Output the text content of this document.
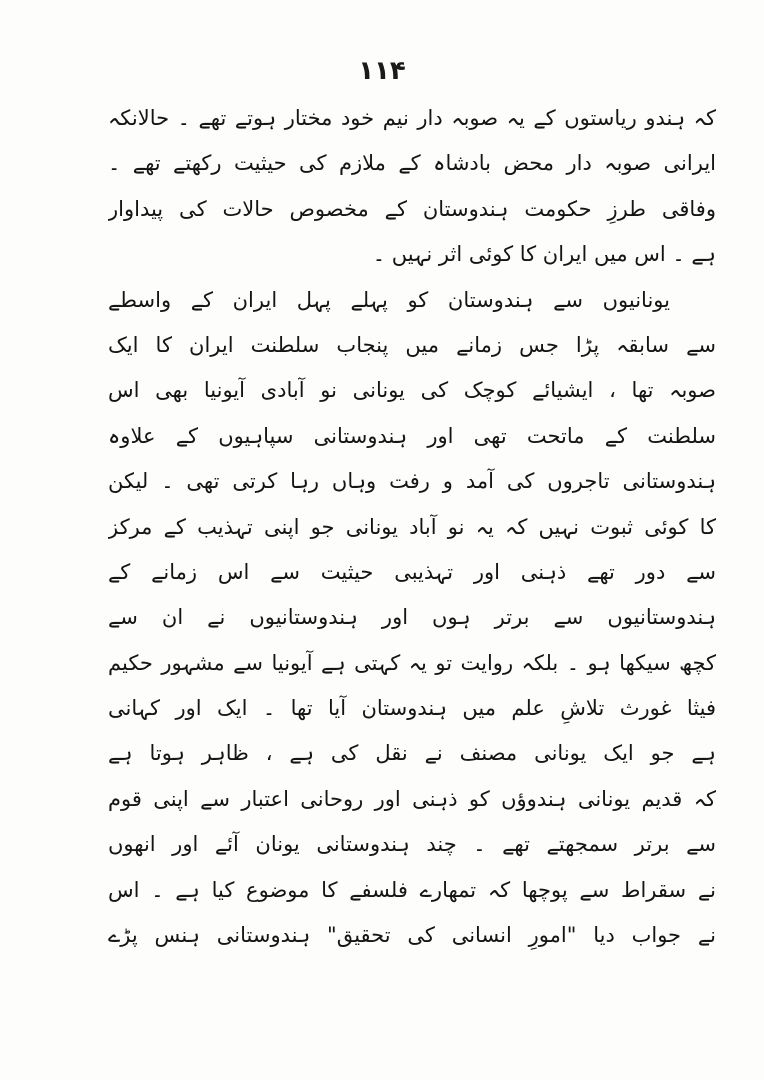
۱۱۴
کہ ہندو ریاستوں کے یہ صوبہ دار نیم خود مختار ہوتے تھے ۔ حالانکہ
ایرانی صوبہ دار محض بادشاہ کے ملازم کی حیثیت رکھتے تھے ۔
وفاقی طرزِ حکومت ہندوستان کے مخصوص حالات کی پیداوار
ہے ۔ اس میں ایران کا کوئی اثر نہیں ۔
یونانیوں سے ہندوستان کو پہلے پہل ایران کے واسطے
سے سابقہ پڑا جس زمانے میں پنجاب سلطنت ایران کا ایک
صوبہ تھا ، ایشیائے کوچک کی یونانی نو آبادی آیونیا بھی اس
سلطنت کے ماتحت تھی اور ہندوستانی سپاہیوں کے علاوہ
ہندوستانی تاجروں کی آمد و رفت وہاں رہا کرتی تھی ۔ لیکن
کا کوئی ثبوت نہیں کہ یہ نو آباد یونانی جو اپنی تہذیب کے مرکز
سے دور تھے ذہنی اور تہذیبی حیثیت سے اس زمانے کے
ہندوستانیوں سے برتر ہوں اور ہندوستانیوں نے ان سے
کچھ سیکھا ہو ۔ بلکہ روایت تو یہ کہتی ہے آیونیا سے مشہور حکیم
فیثا غورث تلاشِ علم میں ہندوستان آیا تھا ۔ ایک اور کہانی
ہے جو ایک یونانی مصنف نے نقل کی ہے ، ظاہر ہوتا ہے
کہ قدیم یونانی ہندوؤں کو ذہنی اور روحانی اعتبار سے اپنی قوم
سے برتر سمجھتے تھے ۔ چند ہندوستانی یونان آئے اور انھوں
نے سقراط سے پوچھا کہ تمھارے فلسفے کا موضوع کیا ہے ۔ اس
نے جواب دیا "امورِ انسانی کی تحقیق" ہندوستانی ہنس پڑے
